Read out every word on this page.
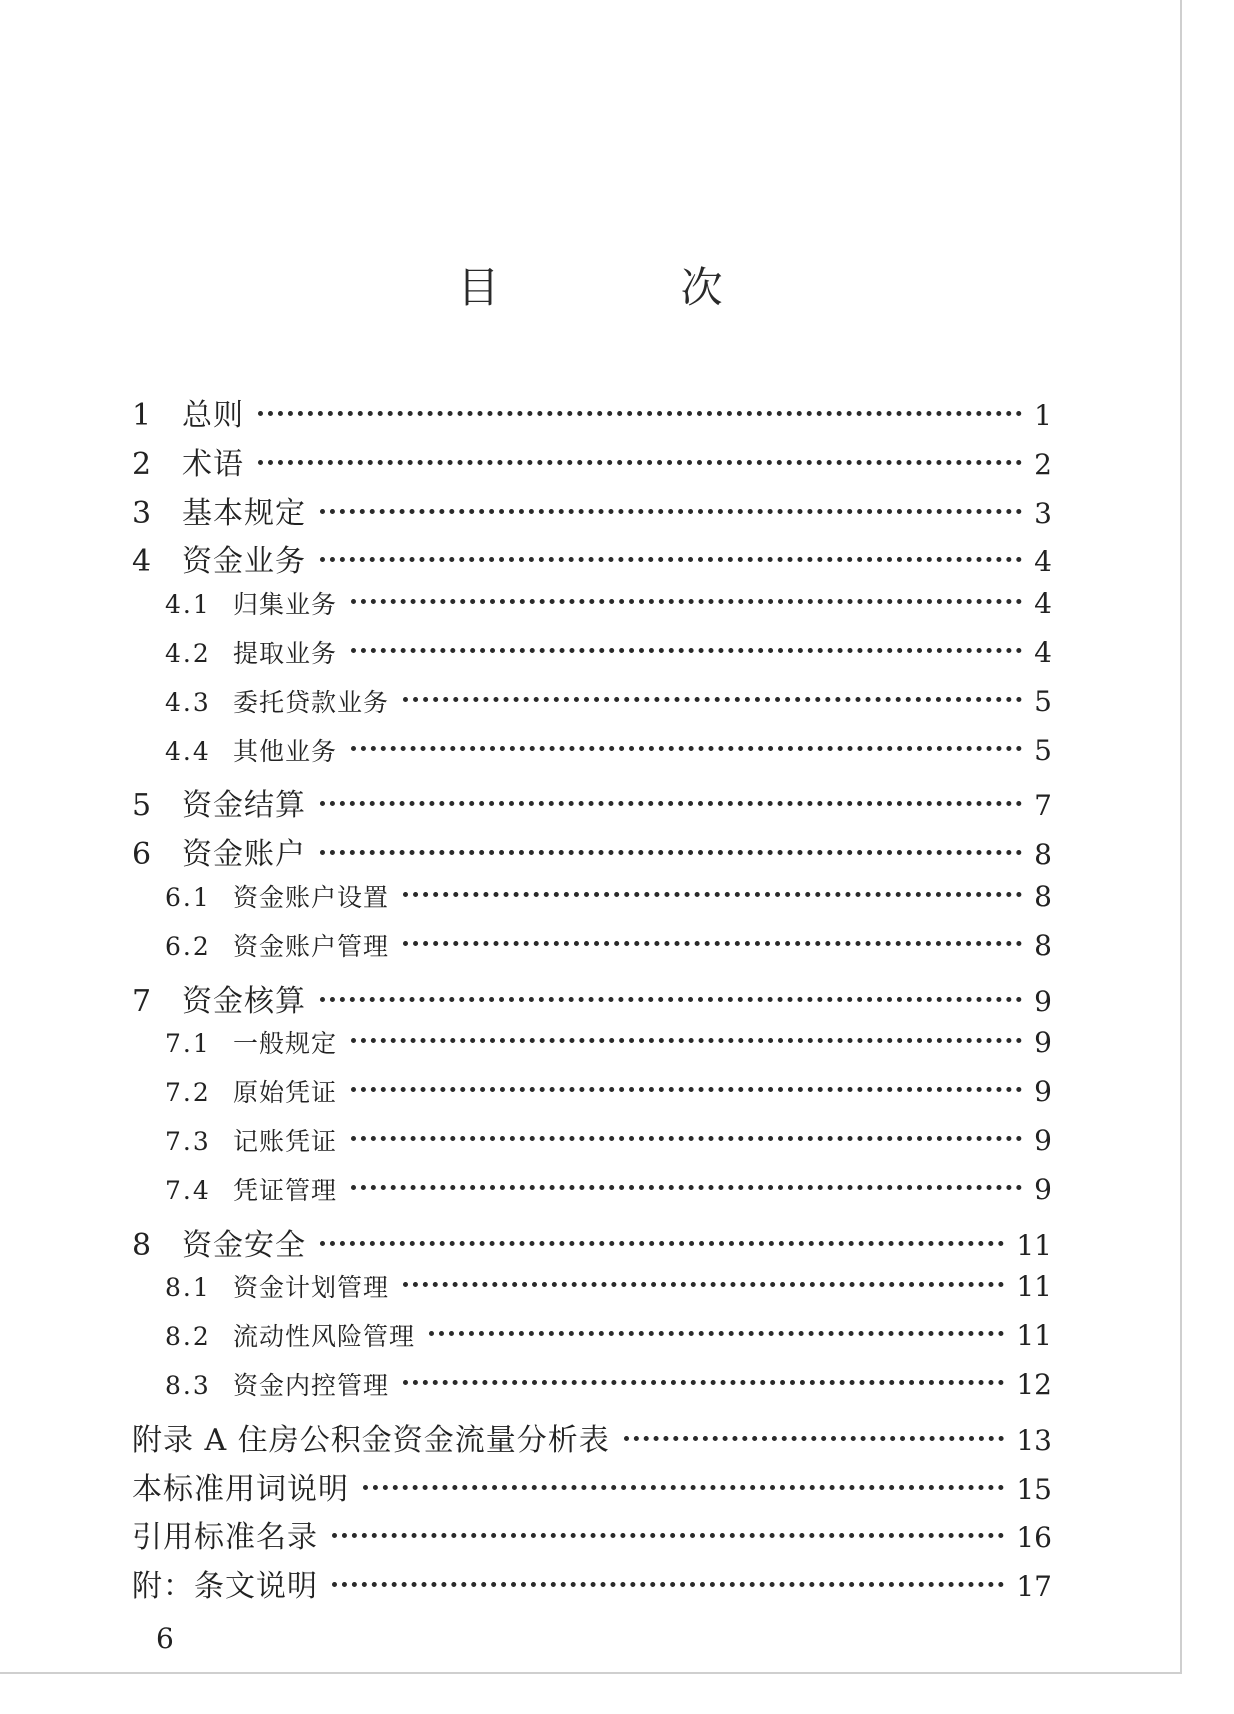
目 次
1	总则	1
2	术语	2
3	基本规定	3
4	资金业务	4
4.1 归集业务	4
4.2 提取业务	4
4.3 委托贷款业务	5
4.4 其他业务	5
5	资金结算	7
6	资金账户	8
6.1 资金账户设置	8
6.2 资金账户管理	8
7	资金核算	9
7.1 一般规定	9
7.2 原始凭证	9
7.3 记账凭证	9
7.4 凭证管理	9
8	资金安全	11
8.1 资金计划管理	11
8.2 流动性风险管理	11
8.3 资金内控管理	12
附录 A 住房公积金资金流量分析表	13
本标准用词说明	15
引用标准名录	16
附：条文说明	17
6
